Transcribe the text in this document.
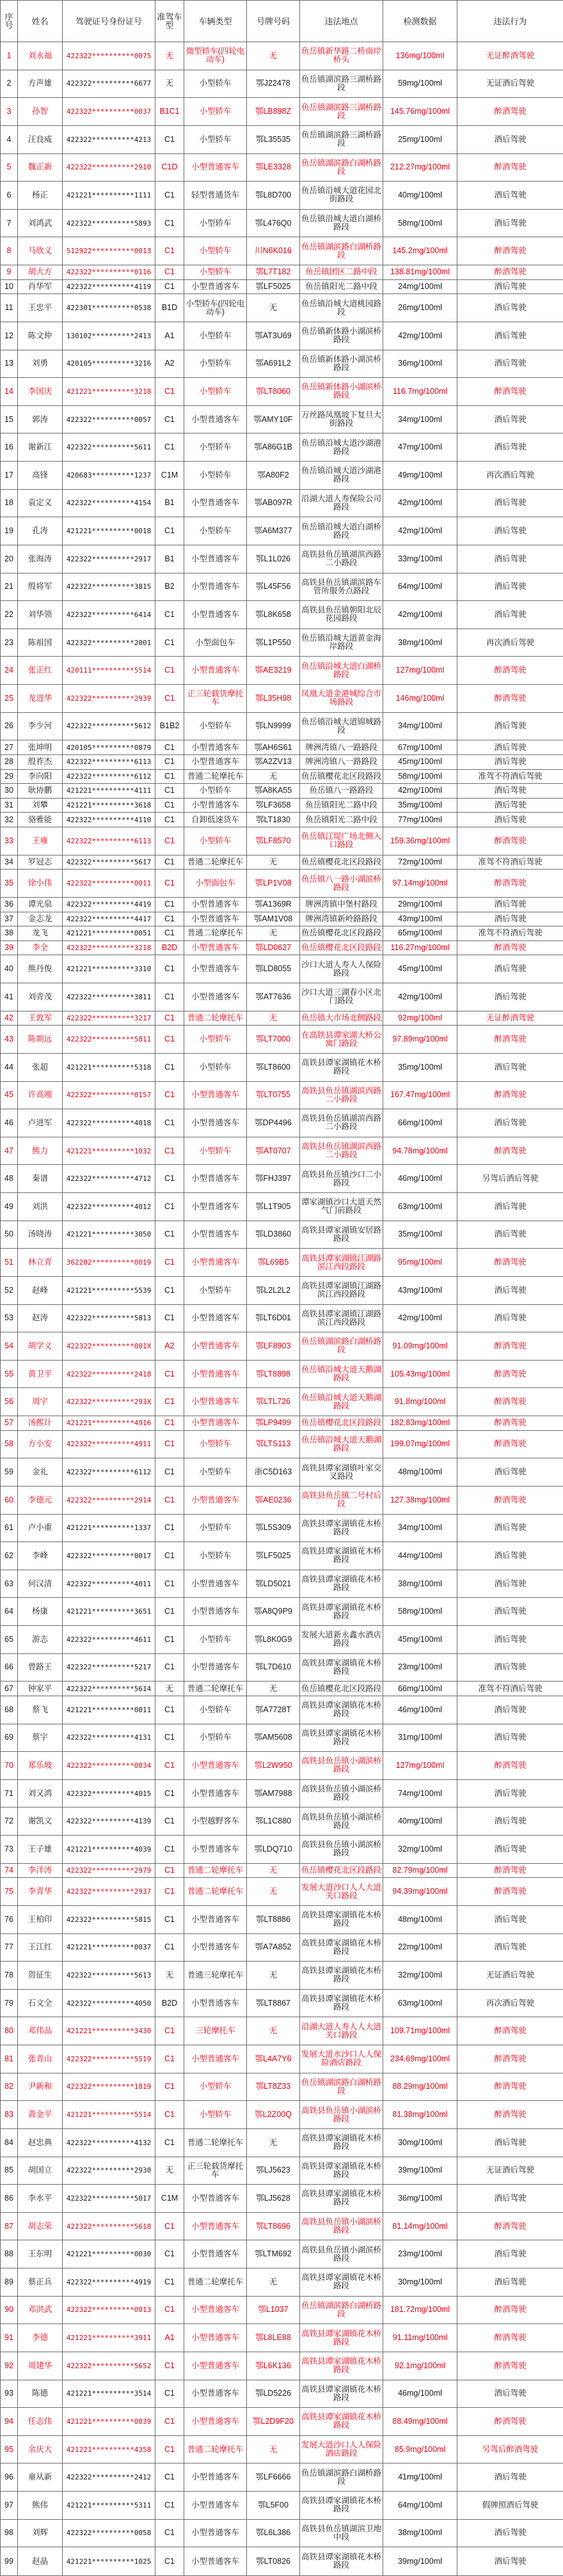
序号	姓名	驾驶证号身份证号	准驾车型	车辆类型	号牌号码	违法地点	检测数据	违法行为
1	刘永福	422322**********0075	无	微型轿车(四轮电动车)	无	鱼岳镇新华路二桥南岸桥头	136mg/100ml	无证醉酒驾驶
2	方声雄	422322**********6677	无	小型轿车	鄂J22478	鱼岳镇湖滨路三湖桥路段	59mg/100ml	无证酒后驾驶
3	孙智	422322**********0037	B1C1	小型轿车	鄂LB898Z	鱼岳镇湖滨路三湖桥路段	145.76mg/100ml	醉酒驾驶
4	汪良威	422322**********4213	C1	小型轿车	鄂L35535	鱼岳镇湖滨路三湖桥路段	25mg/100ml	酒后驾驶
5	魏正新	422322**********2910	C1D	小型普通客车	鄂LE3328	鱼岳镇湖滨路白湖桥路段	212.27mg/100ml	醉酒驾驶
6	杨正	421221**********1111	C1	轻型普通货车	鄂L8D700	鱼岳镇沿城大道花园北街路段	40mg/100ml	酒后驾驶
7	刘鸿武	422322**********5893	C1	小型轿车	鄂L476Q0	鱼岳镇沿城大道白湖桥路段	58mg/100ml	酒后驾驶
8	马欣义	512922**********0013	C1	小型轿车	川N6K016	鱼岳镇湖滨路白湖桥路段	145.2mg/100ml	醉酒驾驶
9	胡大方	422322**********0116	C1	小型轿车	鄂L7T182	鱼岳镇团区二路中段	138.81mg/100ml	醉酒驾驶
10	肖华军	422322**********4119	C1	小型普通客车	鄂LF5025	鱼岳镇阳光二路中段	24mg/100ml	酒后驾驶
11	王忠平	422301**********0538	B1D	小型轿车(四轮电动车)	无	鱼岳镇沿城大道桃园路段	26mg/100ml	酒后驾驶
12	陈文仲	130102**********2413	A1	小型轿车	鄂AT3U69	鱼岳镇新体路小湖滨桥路段	42mg/100ml	酒后驾驶
13	刘勇	420105**********3216	A2	小型轿车	鄂A691L2	鱼岳镇新体路小湖滨桥路段	36mg/100ml	酒后驾驶
14	李国庆	421221**********3218	C1	小型轿车	鄂LT8060	鱼岳镇新体路小湖滨桥路段	116.7mg/100ml	醉酒驾驶
15	郭涛	422322**********0057	C1	小型普通客车	鄂AMY10F	万丝路凤凰坡下复旦大街路段	34mg/100ml	酒后驾驶
16	谢新江	422322**********5611	C1	小型轿车	鄂A86G1B	鱼岳镇沿城大道沙湖港路段	47mg/100ml	酒后驾驶
17	高锋	420683**********1237	C1M	小型轿车	鄂A80F2	鱼岳镇沿城大道沙湖港路段	49mg/100ml	再次酒后驾驶
18	袁定义	422322**********4154	B1	小型普通客车	鄂AB097R	沿湖大道人寿保险公司路段	42mg/100ml	酒后驾驶
19	孔涛	421221**********0018	C1	小型轿车	鄂A6M377	鱼岳镇沿城大道白湖桥路段	42mg/100ml	酒后驾驶
20	张海涛	422322**********2917	B1	小型普通客车	鄂L1L026	高铁县鱼岳镇湖滨西路二小路段	33mg/100ml	酒后驾驶
21	殷将军	422322**********3815	B2	小型普通客车	鄂L45F56	高铁县鱼岳镇湖滨路车管所服务点路段	64mg/100ml	酒后驾驶
22	刘华领	422322**********6414	C1	小型普通客车	鄂L8K658	高铁县鱼岳镇朝阳北辰花园路段	42mg/100ml	酒后驾驶
23	陈祖国	422322**********2001	C1	小型面包车	鄂L1P550	鱼岳镇沿城大道黄金海岸路段	38mg/100ml	再次酒后驾驶
24	张正红	420111**********5514	C1	小型普通客车	鄂AE3219	鱼岳镇沿城大道白湖桥路段	127mg/100ml	醉酒驾驶
25	龙进华	422322**********2939	C1	正三轮载货摩托车	鄂L35H98	凤凰大道金港城综合市场路段	146mg/100ml	醉酒驾驶
26	李少河	422322**********5612	B1B2	小型轿车	鄂LN9999	鱼岳镇沿城大道锦城路段	34mg/100ml	酒后驾驶
27	张坤明	420105**********0879	C1	小型普通客车	鄂AH6S61	牌洲湾镇八一路路段	67mg/100ml	酒后驾驶
28	殷祚杰	422322**********6113	C1	小型普通客车	鄂A2ZV13	牌洲湾镇八一路路段	45mg/100ml	酒后驾驶
29	李向阳	422322**********6112	C1	普通二轮摩托车	无	鱼岳镇樱花北区段路段	58mg/100ml	准驾不符酒后驾驶
30	耿协鹏	421221**********4111	C1	小型轿车	鄂A8KA55	鱼岳镇八一路路段	42mg/100ml	酒后驾驶
31	刘攀	421221**********3618	C1	小型普通客车	鄂LF3658	鱼岳镇阳光二路中段	35mg/100ml	酒后驾驶
32	骆雅能	422322**********4110	C1	自卸低速货车	鄂LT1830	鱼岳镇阳光二路中段	77mg/100ml	酒后驾驶
33	王雍	422322**********6113	C1	小型轿车	鄂LF8570	鱼岳镇江堤广场北侧入口路段	159.36mg/100ml	醉酒驾驶
34	罗冠志	422322**********5617	C1	普通二轮摩托车	无	鱼岳镇樱花北区段路段	72mg/100ml	准驾不符酒后驾驶
35	徐小伟	422322**********0011	C1	小型面包车	鄂LP1V08	鱼岳镇八一路小湖滨桥路段	97.14mg/100ml	醉酒驾驶
36	谭光泉	422322**********4419	C1	小型普通客车	鄂A1369R	牌洲湾镇中堡村路段	29mg/100ml	酒后驾驶
37	金志龙	422322**********4417	C1	小型普通客车	鄂AM1V08	牌洲湾镇新岭路路段	43mg/100ml	酒后驾驶
38	龙飞	421221**********0051	C1	普通二轮摩托车	无	鱼岳镇樱花北区段路段	65mg/100ml	准驾不符酒后驾驶
39	李全	422322**********3218	B2D	小型普通客车	鄂LD0627	鱼岳镇樱花北区段路段	116.27mg/100ml	醉酒驾驶
40	熊丹俊	421221**********3310	C1	小型普通客车	鄂LD8055	沙口大道人寿人人保险路段	45mg/100ml	酒后驾驶
41	刘青茂	422322**********3811	C1	小型普通客车	鄂AT7636	沙口大道三湖春小区北门路段	42mg/100ml	酒后驾驶
42	王敦军	422322**********3217	C1	普通二轮摩托车	无	鱼岳镇大市场北侧路段	92mg/100ml	无证醉酒驾驶
43	陈朝远	422322**********5811	C1	小型轿车	鄂LT7000	在高铁县谭家湖大桥公寓门路段	97.89mg/100ml	醉酒驾驶
44	张超	421221**********5318	C1	小型轿车	鄂LT8600	高铁县谭家湖镇花木桥路段	35mg/100ml	酒后驾驶
45	许高刚	422322**********0157	C1	小型普通客车	鄂LT0755	高铁县鱼岳镇湖滨西路二小路段	167.47mg/100ml	醉酒驾驶
46	卢进军	422322**********4018	C1	小型普通客车	鄂DP4496	高铁县鱼岳镇湖滨西路二小路段	66mg/100ml	酒后驾驶
47	熊力	421221**********1032	C1	小型轿车	鄂AT0707	高铁县鱼岳镇湖滨西路二小路段	94.78mg/100ml	醉酒驾驶
48	秦谱	422322**********4712	C1	小型普通客车	鄂FHJ397	高铁县鱼岳镇沙口二小路段	46mg/100ml	另驾后酒后驾驶
49	刘洪	422322**********4012	C1	小型普通客车	鄂L1T905	谭家湖镇沙口大道天然气门前路段	63mg/100ml	酒后驾驶
50	汤晓涛	421221**********3050	C1	小型普通客车	鄂LD3860	高铁县谭家湖镇安居路路段	35mg/100ml	酒后驾驶
51	林立青	362202**********0019	C1	小型普通客车	鄂L69B5	高铁县谭家湖镇江湖路滨江西段路段	95mg/100ml	醉酒驾驶
52	赵峰	421221**********5539	C1	小型轿车	鄂L2L2L2	高铁县谭家湖镇江湖路滨江西段路段	43mg/100ml	酒后驾驶
53	赵涛	422322**********5813	C1	小型普通客车	鄂LT6D01	高铁县谭家湖镇江湖路滨江西段路段	42mg/100ml	酒后驾驶
54	胡学义	422322**********001X	A2	小型普通客车	鄂LF8903	鱼岳镇湖滨路白湖桥路段	91.09mg/100ml	醉酒驾驶
55	黄卫平	422322**********2418	C1	小型普通客车	鄂LT8898	鱼岳镇沿城大道天鹅湖路段	105.43mg/100ml	醉酒驾驶
56	周宇	422322**********293X	C1	小型普通客车	鄂LTL726	鱼岳镇沿城大道天鹅湖路段	91.8mg/100ml	醉酒驾驶
57	汤熙计	421221**********4916	C1	小型普通客车	鄂LP9499	鱼岳镇樱花北区段路段	182.83mg/100ml	醉酒驾驶
58	方小安	422322**********4911	C1	小型轿车	鄂LTS113	鱼岳镇沿城大道天鹅湖路段	199.07mg/100ml	醉酒驾驶
59	金礼	422322**********6112	C1	小型轿车	浙C5D163	高铁县谭家湖镇叶家交叉路段	48mg/100ml	酒后驾驶
60	李德元	422322**********2914	C1	小型普通客车	鄂AE0236	高铁县鱼岳镇二号村后段	127.38mg/100ml	醉酒驾驶
61	卢小重	421221**********1337	C1	小型轿车	鄂L5S309	高铁县谭家湖镇花木桥路段	34mg/100ml	酒后驾驶
62	李峰	422322**********0017	C1	小型轿车	鄂LF5025	高铁县谭家湖镇花木桥路段	44mg/100ml	酒后驾驶
63	何汉清	422322**********4011	C1	小型普通客车	鄂LD5021	高铁县谭家湖镇花木桥路段	38mg/100ml	酒后驾驶
64	杨康	421221**********3651	C1	小型普通客车	鄂A8Q9P9	高铁县谭家湖镇花木桥路段	58mg/100ml	酒后驾驶
65	游志	422322**********4611	C1	小型轿车	鄂L8K0G9	发展大道新永鑫水酒店路段	45mg/100ml	酒后驾驶
66	曾路王	422322**********5217	C1	小型普通客车	鄂L7D610	高铁县谭家湖镇花木桥路段	23mg/100ml	酒后驾驶
67	钟家平	422322**********5614	无	普通二轮摩托车	无	鱼岳镇樱花北区段路段	66mg/100ml	准驾不符酒后驾驶
68	蔡飞	421221**********0011	C1	小型轿车	鄂A7728T	高铁县谭家湖镇花木桥路段	46mg/100ml	酒后驾驶
69	蔡宇	422322**********4131	C1	小型轿车	鄂AM5608	高铁县谭家湖镇花木桥路段	31mg/100ml	酒后驾驶
70	郑乐坡	422322**********0034	C1	小型普通客车	鄂L2W950	高铁县鱼岳镇小湖滨桥路段	127mg/100ml	醉酒驾驶
71	刘又鸿	422322**********4015	C1	小型普通客车	鄂AM7988	高铁县鱼岳镇小湖滨桥路段	74mg/100ml	酒后驾驶
72	谢凯文	422322**********4139	C1	小型越野客车	鄂L1C880	高铁县鱼岳镇小湖滨桥路段	40mg/100ml	酒后驾驶
73	王子雄	421221**********4039	C1	小型普通客车	鄂LDQ710	高铁县鱼岳镇小湖滨桥路段	32mg/100ml	酒后驾驶
74	李洋涛	422322**********2979	C1	普通二轮摩托车	无	鱼岳镇樱花北区段路段	82.79mg/100ml	醉酒驾驶
75	李青华	422322**********2937	C1	普通二轮摩托车	无	发展大道沙口人人大道关口路段	94.39mg/100ml	醉酒驾驶
76	王柏印	422322**********5815	C1	小型普通客车	鄂LT8886	高铁县谭家湖镇花木桥路段	48mg/100ml	酒后驾驶
77	王江红	421221**********0037	C1	小型普通客车	鄂A7A852	高铁县谭家湖镇花木桥路段	22mg/100ml	酒后驾驶
78	贺征生	422322**********5613	无	普通三轮摩托车	无	高铁县谭家湖镇花木桥路段	32mg/100ml	无证酒后驾驶
79	石文全	422322**********4050	B2D	小型普通客车	鄂LT8867	高铁县谭家湖镇花木桥路段	63mg/100ml	再次酒后驾驶
80	邓伟品	421221**********3430	C1	三轮摩托车	无	沿湖大道人寿人人大道关口路段	109.71mg/100ml	醉酒驾驶
81	张青山	422322**********5519	C1	小型普通客车	鄂L4A7Y6	发展大道水沙口人人保险酒店路段	234.69mg/100ml	醉酒驾驶
82	尹新和	422322**********1819	C1	小型轿车	鄂LT8Z33	鱼岳镇湖滨路白湖桥路段	88.29mg/100ml	醉酒驾驶
83	黄金平	421221**********5514	C1	小型轿车	鄂L2Z00Q	高铁县鱼岳镇小湖滨桥路段	81.38mg/100ml	醉酒驾驶
84	赵忠典	422322**********4132	C1	普通二轮摩托车	无	高铁县谭家湖镇花木桥路段	30mg/100ml	酒后驾驶
85	胡国立	422322**********2930	无	正三轮载货摩托车	鄂LJ5623	高铁县谭家湖镇花木桥路段	39mg/100ml	无证酒后驾驶
86	李水平	422322**********5017	C1M	小型普通客车	鄂LJ5628	高铁县谭家湖镇花木桥路段	36mg/100ml	酒后驾驶
87	胡志荣	422322**********5618	C1	小型普通客车	鄂LT8696	高铁县鱼岳镇小湖滨桥路段	81.14mg/100ml	醉酒驾驶
88	王东明	421221**********0030	C1	小型普通客车	鄂LTM692	高铁县鱼岳镇小湖滨桥路段	23mg/100ml	酒后驾驶
89	蔡正兵	422322**********4919	C1	普通二轮摩托车	无	高铁县谭家湖镇花木桥路段	30mg/100ml	酒后驾驶
90	邓洪武	422322**********0013	C1	小型普通客车	鄂L1037	鱼岳镇湖滨路白湖桥路段	181.72mg/100ml	醉酒驾驶
91	李德	421221**********3911	A1	小型普通客车	鄂L8LE88	高铁县谭家湖镇花木桥路段	91.11mg/100ml	醉酒驾驶
92	周建华	422322**********5652	C1	小型普通客车	鄂L6K136	高铁县谭家湖镇花木桥路段	92.1mg/100ml	醉酒驾驶
93	陈德	421221**********3514	C1	小型普通客车	鄂LD5226	高铁县谭家湖镇花木桥路段	46mg/100ml	酒后驾驶
94	任志伟	421221**********0039	C1	小型普通客车	鄂L2D9F20	高铁县谭家湖镇花木桥路段	88.49mg/100ml	醉酒驾驶
95	余庆大	421221**********4358	C1	普通二轮摩托车	无	发展大道沙口人人保险酒店路段	85.9mg/100ml	另驾后醉酒驾驶
96	童从新	422322**********2412	C1	小型普通客车	鄂LF6666	鱼岳镇湖滨路白湖桥路段	41mg/100ml	酒后驾驶
97	熊伟	421221**********5311	C1	小型普通客车	鄂L5F00	高铁县谭家湖镇花木桥路段	64mg/100ml	假牌照酒后驾驶
98	刘辉	422322**********0058	C1	小型普通客车	鄂L6L386	高铁县鱼岳镇湖滨卫地中段	38mg/100ml	酒后驾驶
99	赵晶	421221**********1025	C1	小型普通客车	鄂LT0826	高铁县谭家湖镇花木桥路段	39mg/100ml	酒后驾驶
